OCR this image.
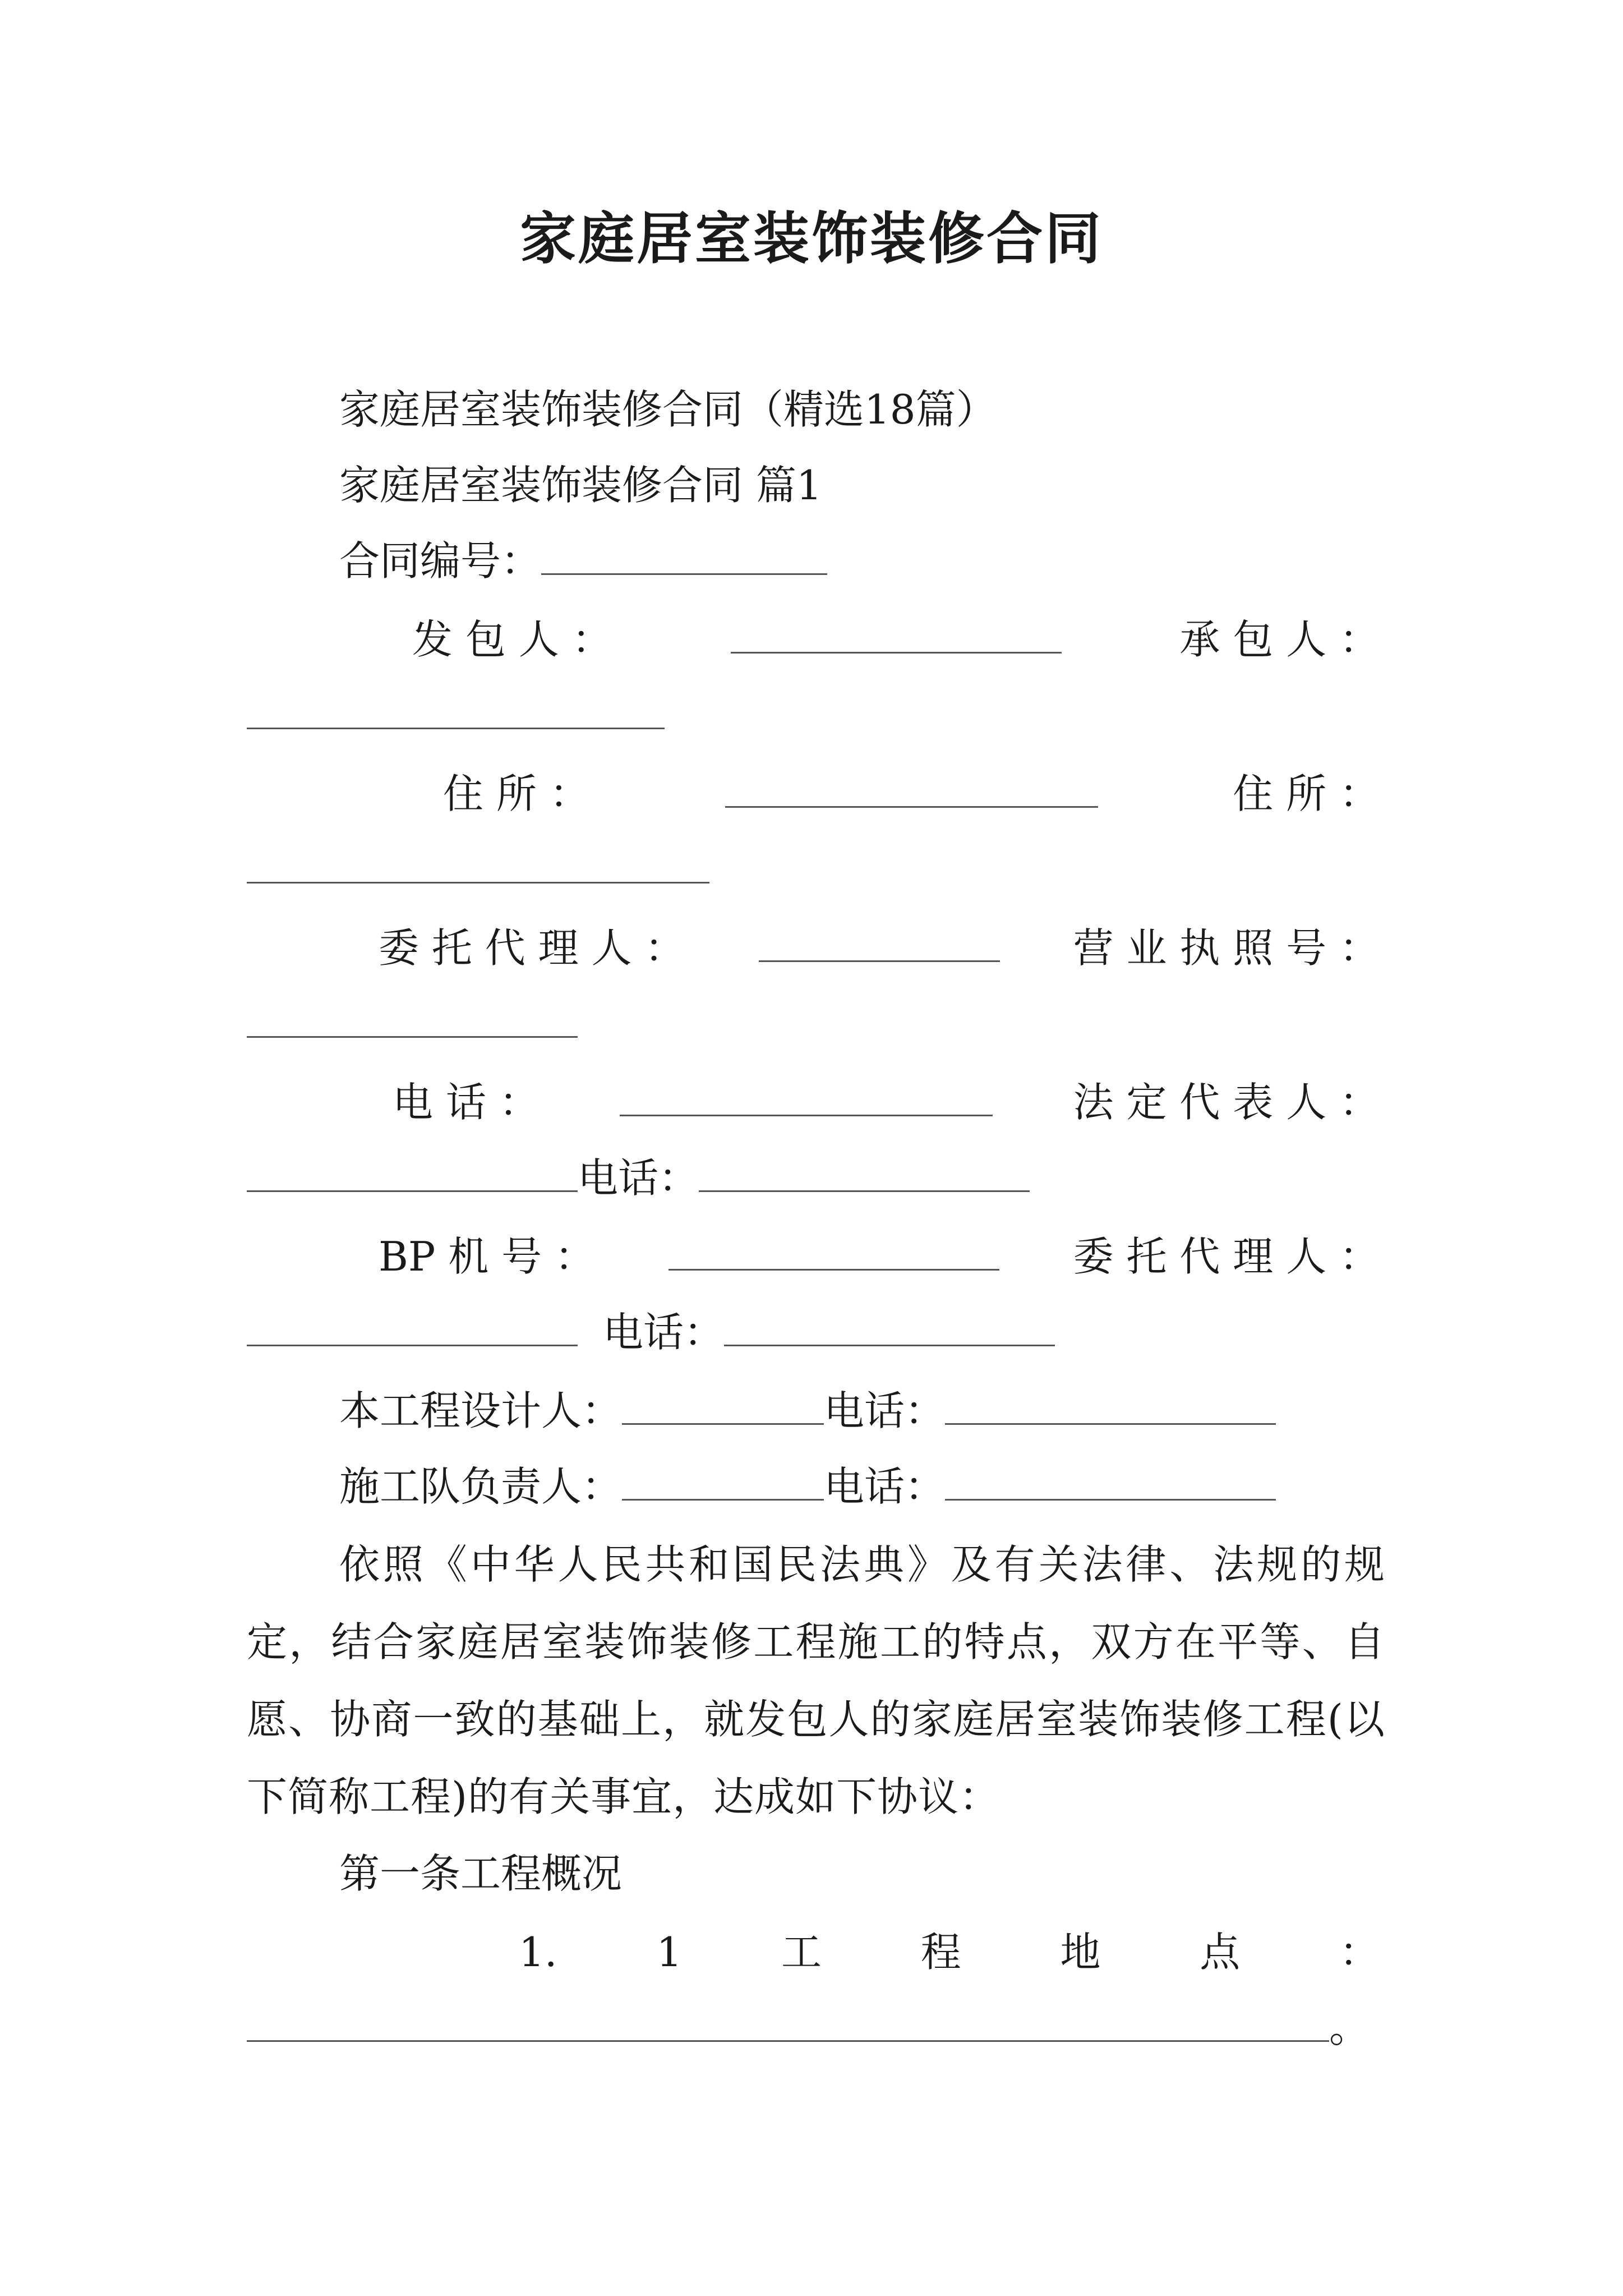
家庭居室装饰装修合同
家庭居室装饰装修合同（精选18篇）
家庭居室装饰装修合同 篇1
合同编号：
发 包 人 ：	承 包 人 ：
住 所 ：	住 所 ：
委 托 代 理 人 ：	营 业 执 照 号 ：
电 话 ：	法 定 代 表 人 ：
电话：
BP 机 号 ：	委 托 代 理 人 ：
电话：
本工程设计人：	电话：
施工队负责人：	电话：
依照《中华人民共和国民法典》及有关法律、法规的规定，结合家庭居室装饰装修工程施工的特点，双方在平等、自愿、协商一致的基础上，就发包人的家庭居室装饰装修工程(以下简称工程)的有关事宜，达成如下协议：
第一条工程概况
1. 1 工 程 地 点 ：
。
